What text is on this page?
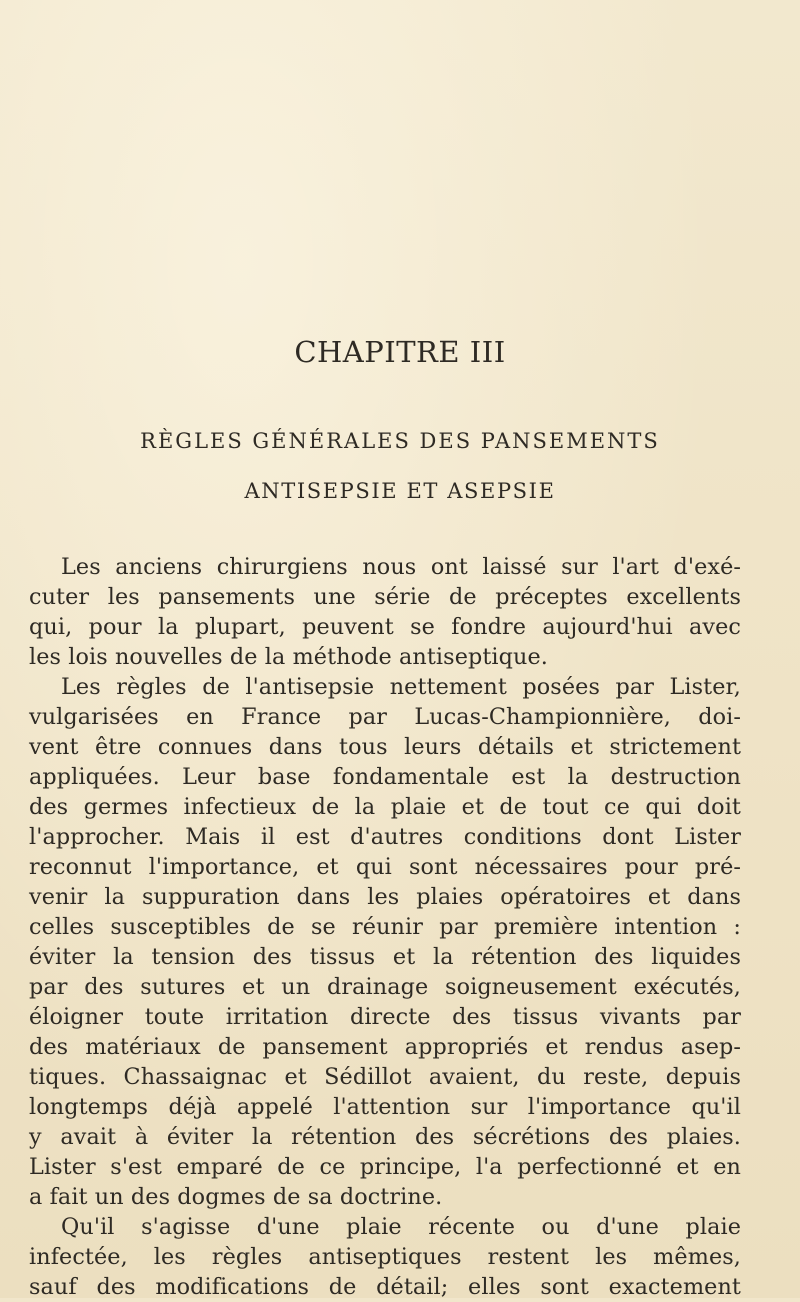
CHAPITRE III
RÈGLES GÉNÉRALES DES PANSEMENTS
ANTISEPSIE ET ASEPSIE
Les anciens chirurgiens nous ont laissé sur l'art d'exé-
cuter les pansements une série de préceptes excellents
qui, pour la plupart, peuvent se fondre aujourd'hui avec
les lois nouvelles de la méthode antiseptique.
Les règles de l'antisepsie nettement posées par Lister,
vulgarisées en France par Lucas-Championnière, doi-
vent être connues dans tous leurs détails et strictement
appliquées. Leur base fondamentale est la destruction
des germes infectieux de la plaie et de tout ce qui doit
l'approcher. Mais il est d'autres conditions dont Lister
reconnut l'importance, et qui sont nécessaires pour pré-
venir la suppuration dans les plaies opératoires et dans
celles susceptibles de se réunir par première intention :
éviter la tension des tissus et la rétention des liquides
par des sutures et un drainage soigneusement exécutés,
éloigner toute irritation directe des tissus vivants par
des matériaux de pansement appropriés et rendus asep-
tiques. Chassaignac et Sédillot avaient, du reste, depuis
longtemps déjà appelé l'attention sur l'importance qu'il
y avait à éviter la rétention des sécrétions des plaies.
Lister s'est emparé de ce principe, l'a perfectionné et en
a fait un des dogmes de sa doctrine.
Qu'il s'agisse d'une plaie récente ou d'une plaie
infectée, les règles antiseptiques restent les mêmes,
sauf des modifications de détail; elles sont exactement
